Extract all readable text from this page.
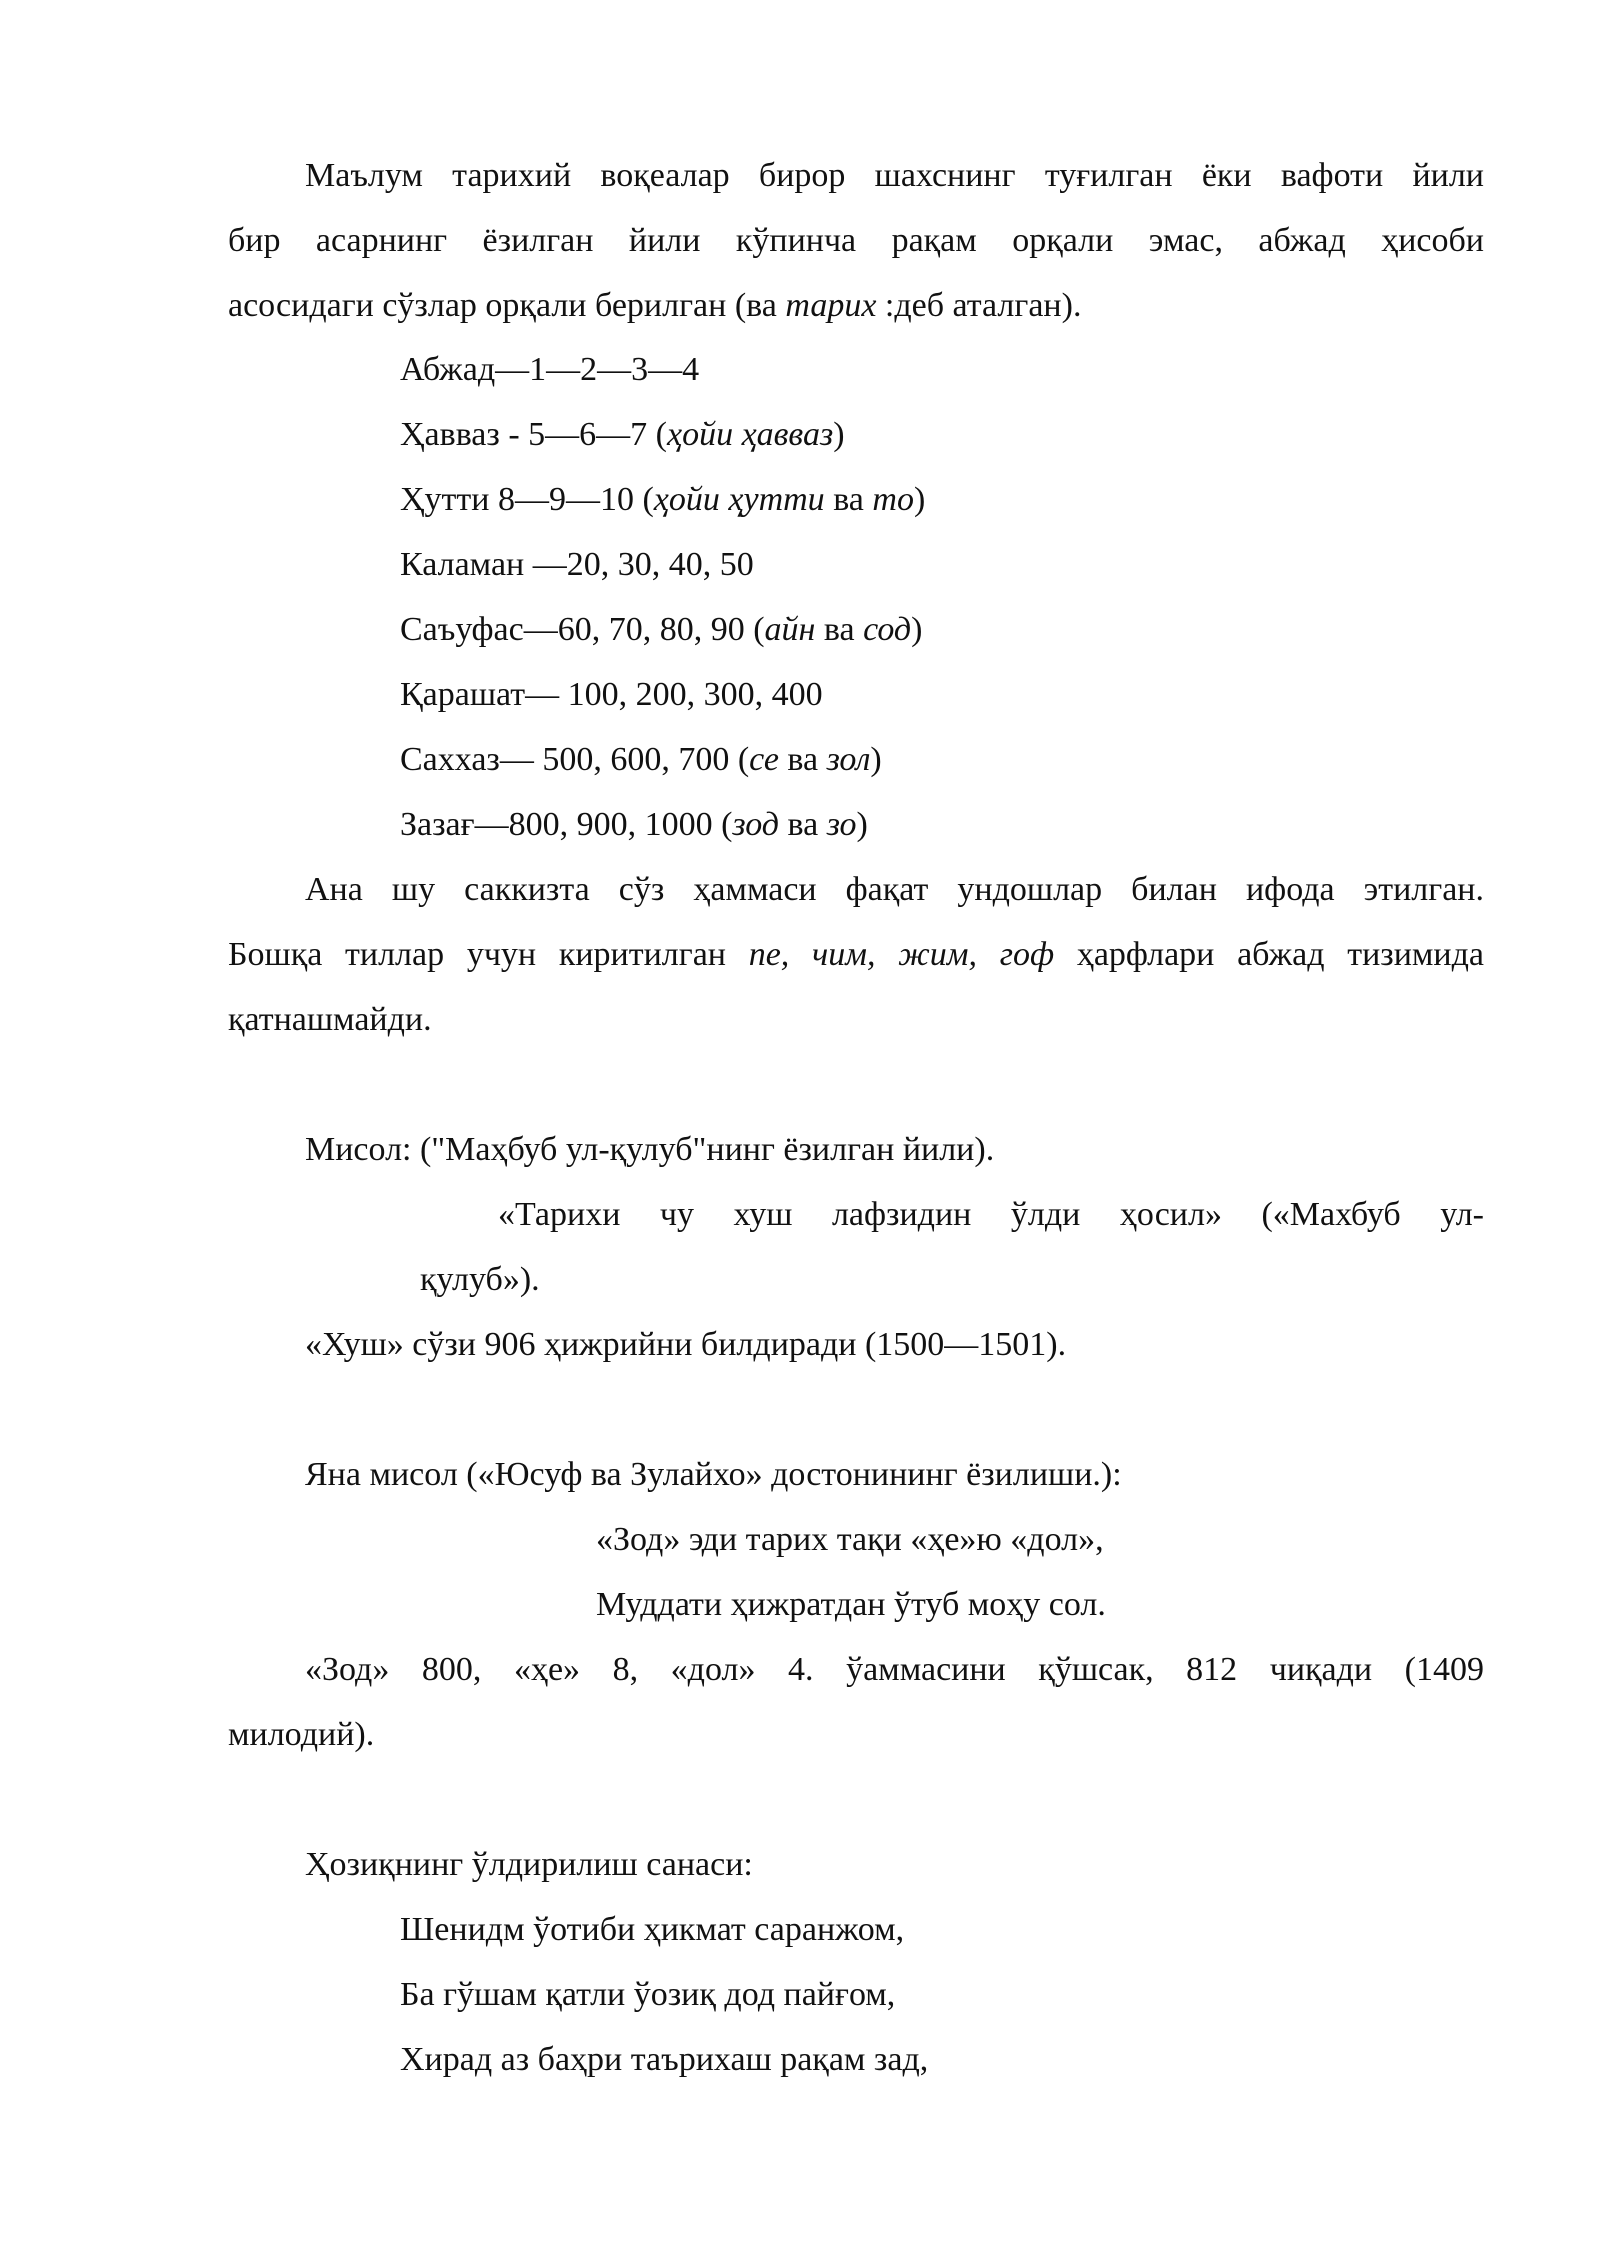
Маълум тарихий воқеалар бирор шахснинг туғилган ёки вафоти йили
бир асарнинг ёзилган йили кўпинча рақам орқали эмас, абжад ҳисоби
асосидаги сўзлар орқали берилган (ва тарих :деб аталган).
Абжад—1—2—3—4
Ҳавваз - 5—6—7 (ҳойи ҳавваз)
Ҳутти 8—9—10 (ҳойи ҳутти ва то)
Каламан —20, 30, 40, 50
Саъуфас—60, 70, 80, 90 (айн ва сод)
Қарашат— 100, 200, 300, 400
Саххаз— 500, 600, 700 (се ва зол)
Зазағ—800, 900, 1000 (зод ва зо)
Ана шу саккизта сўз ҳаммаси фақат ундошлар билан ифода этилган.
Бошқа тиллар учун киритилган пе, чим, жим, гоф ҳарфлари абжад тизимида
қатнашмайди.
Мисол: ("Маҳбуб ул-қулуб"нинг ёзилган йили).
«Тарихи чу хуш лафзидин ўлди ҳосил» («Махбуб ул-
қулуб»).
«Хуш» сўзи 906 ҳижрийни билдиради (1500—1501).
Яна мисол («Юсуф ва Зулайхо» достонининг ёзилиши.):
«Зод» эди тарих тақи «ҳе»ю «дол»,
Муддати ҳижратдан ўтуб моҳу сол.
«Зод» 800, «ҳе» 8, «дол» 4. ўаммасини қўшсак, 812 чиқади (1409
милодий).
Ҳозиқнинг ўлдирилиш санаси:
Шенидм ўотиби ҳикмат саранжом,
Ба гўшам қатли ўозиқ дод пайғом,
Хирад аз баҳри таърихаш рақам зад,
